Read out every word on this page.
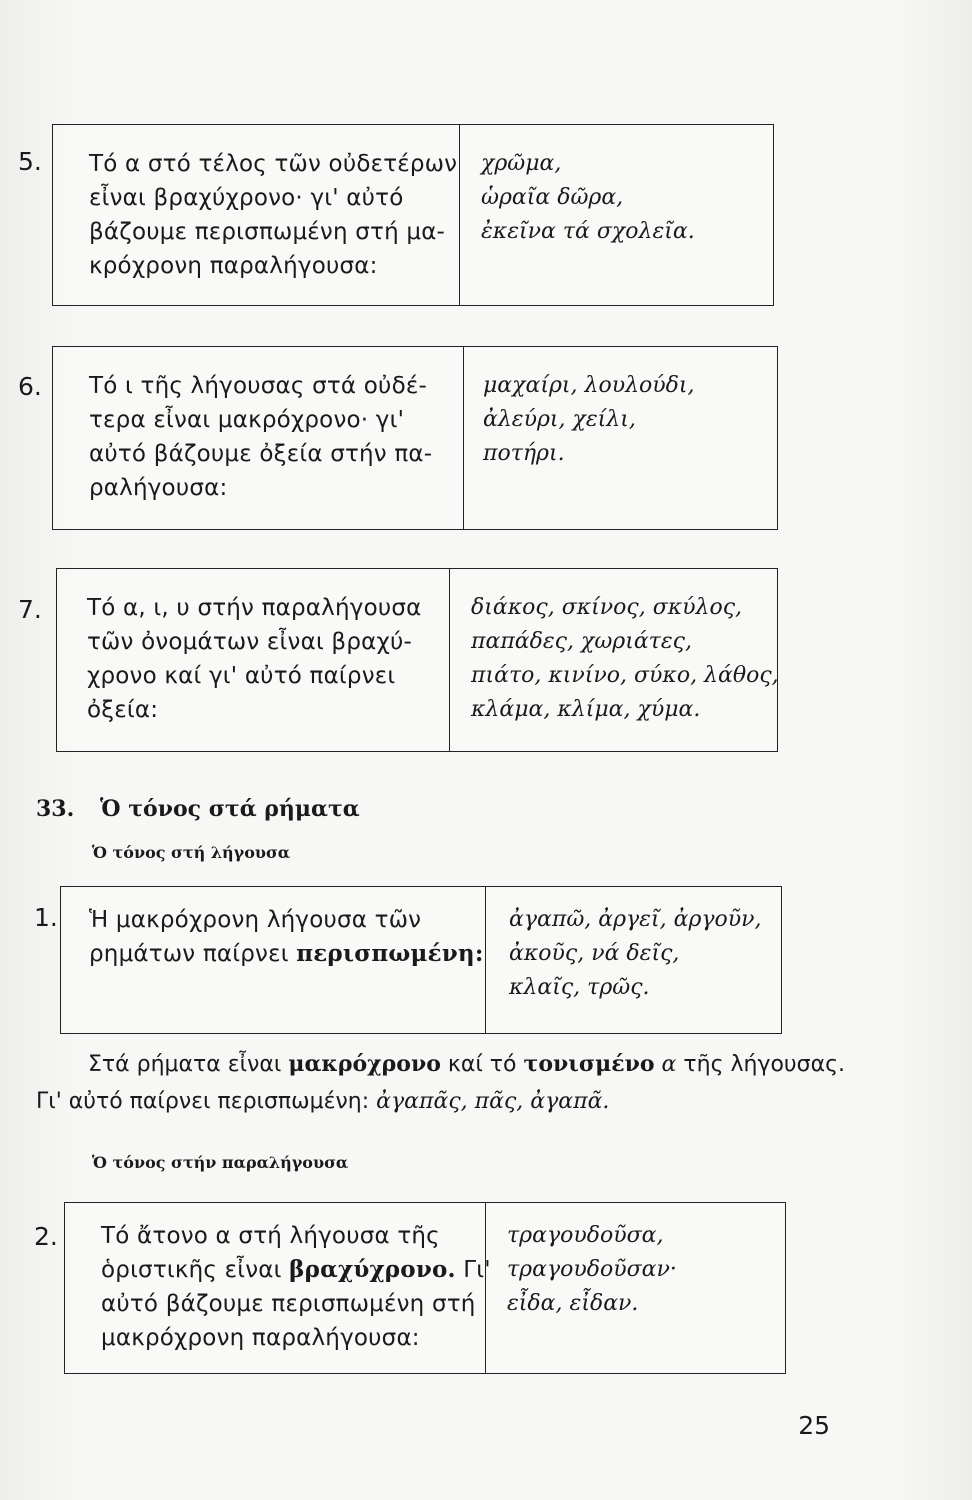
5. Τό α στό τέλος τῶν οὐδετέρων
εἶναι βραχύχρονο· γι' αὐτό
βάζουμε περισπωμένη στή μα-
κρόχρονη παραλήγουσα:
χρῶμα,
ὡραῖα δῶρα,
ἐκεῖνα τά σχολεῖα.
6. Τό ι τῆς λήγουσας στά οὐδέ-
τερα εἶναι μακρόχρονο· γι'
αὐτό βάζουμε ὀξεία στήν πα-
ραλήγουσα:
μαχαίρι, λουλούδι,
ἀλεύρι, χείλι,
ποτήρι.
7. Τό α, ι, υ στήν παραλήγουσα
τῶν ὀνομάτων εἶναι βραχύ-
χρονο καί γι' αὐτό παίρνει
ὀξεία:
διάκος, σκίνος, σκύλος,
παπάδες, χωριάτες,
πιάτο, κινίνο, σύκο, λάθος,
κλάμα, κλίμα, χύμα.
33. Ὁ τόνος στά ρήματα
Ὁ τόνος στή λήγουσα
1. Ἡ μακρόχρονη λήγουσα τῶν
ρημάτων παίρνει περισπωμένη:
ἀγαπῶ, ἀργεῖ, ἀργοῦν,
ἀκοῦς, νά δεῖς,
κλαῖς, τρῶς.
Στά ρήματα εἶναι μακρόχρονο καί τό τονισμένο α τῆς λήγουσας.
Γι' αὐτό παίρνει περισπωμένη: ἀγαπᾶς, πᾶς, ἀγαπᾶ.
Ὁ τόνος στήν παραλήγουσα
2. Τό ἄτονο α στή λήγουσα τῆς
ὁριστικῆς εἶναι βραχύχρονο. Γι'
αὐτό βάζουμε περισπωμένη στή
μακρόχρονη παραλήγουσα:
τραγουδοῦσα,
τραγουδοῦσαν·
εἶδα, εἶδαν.
25
